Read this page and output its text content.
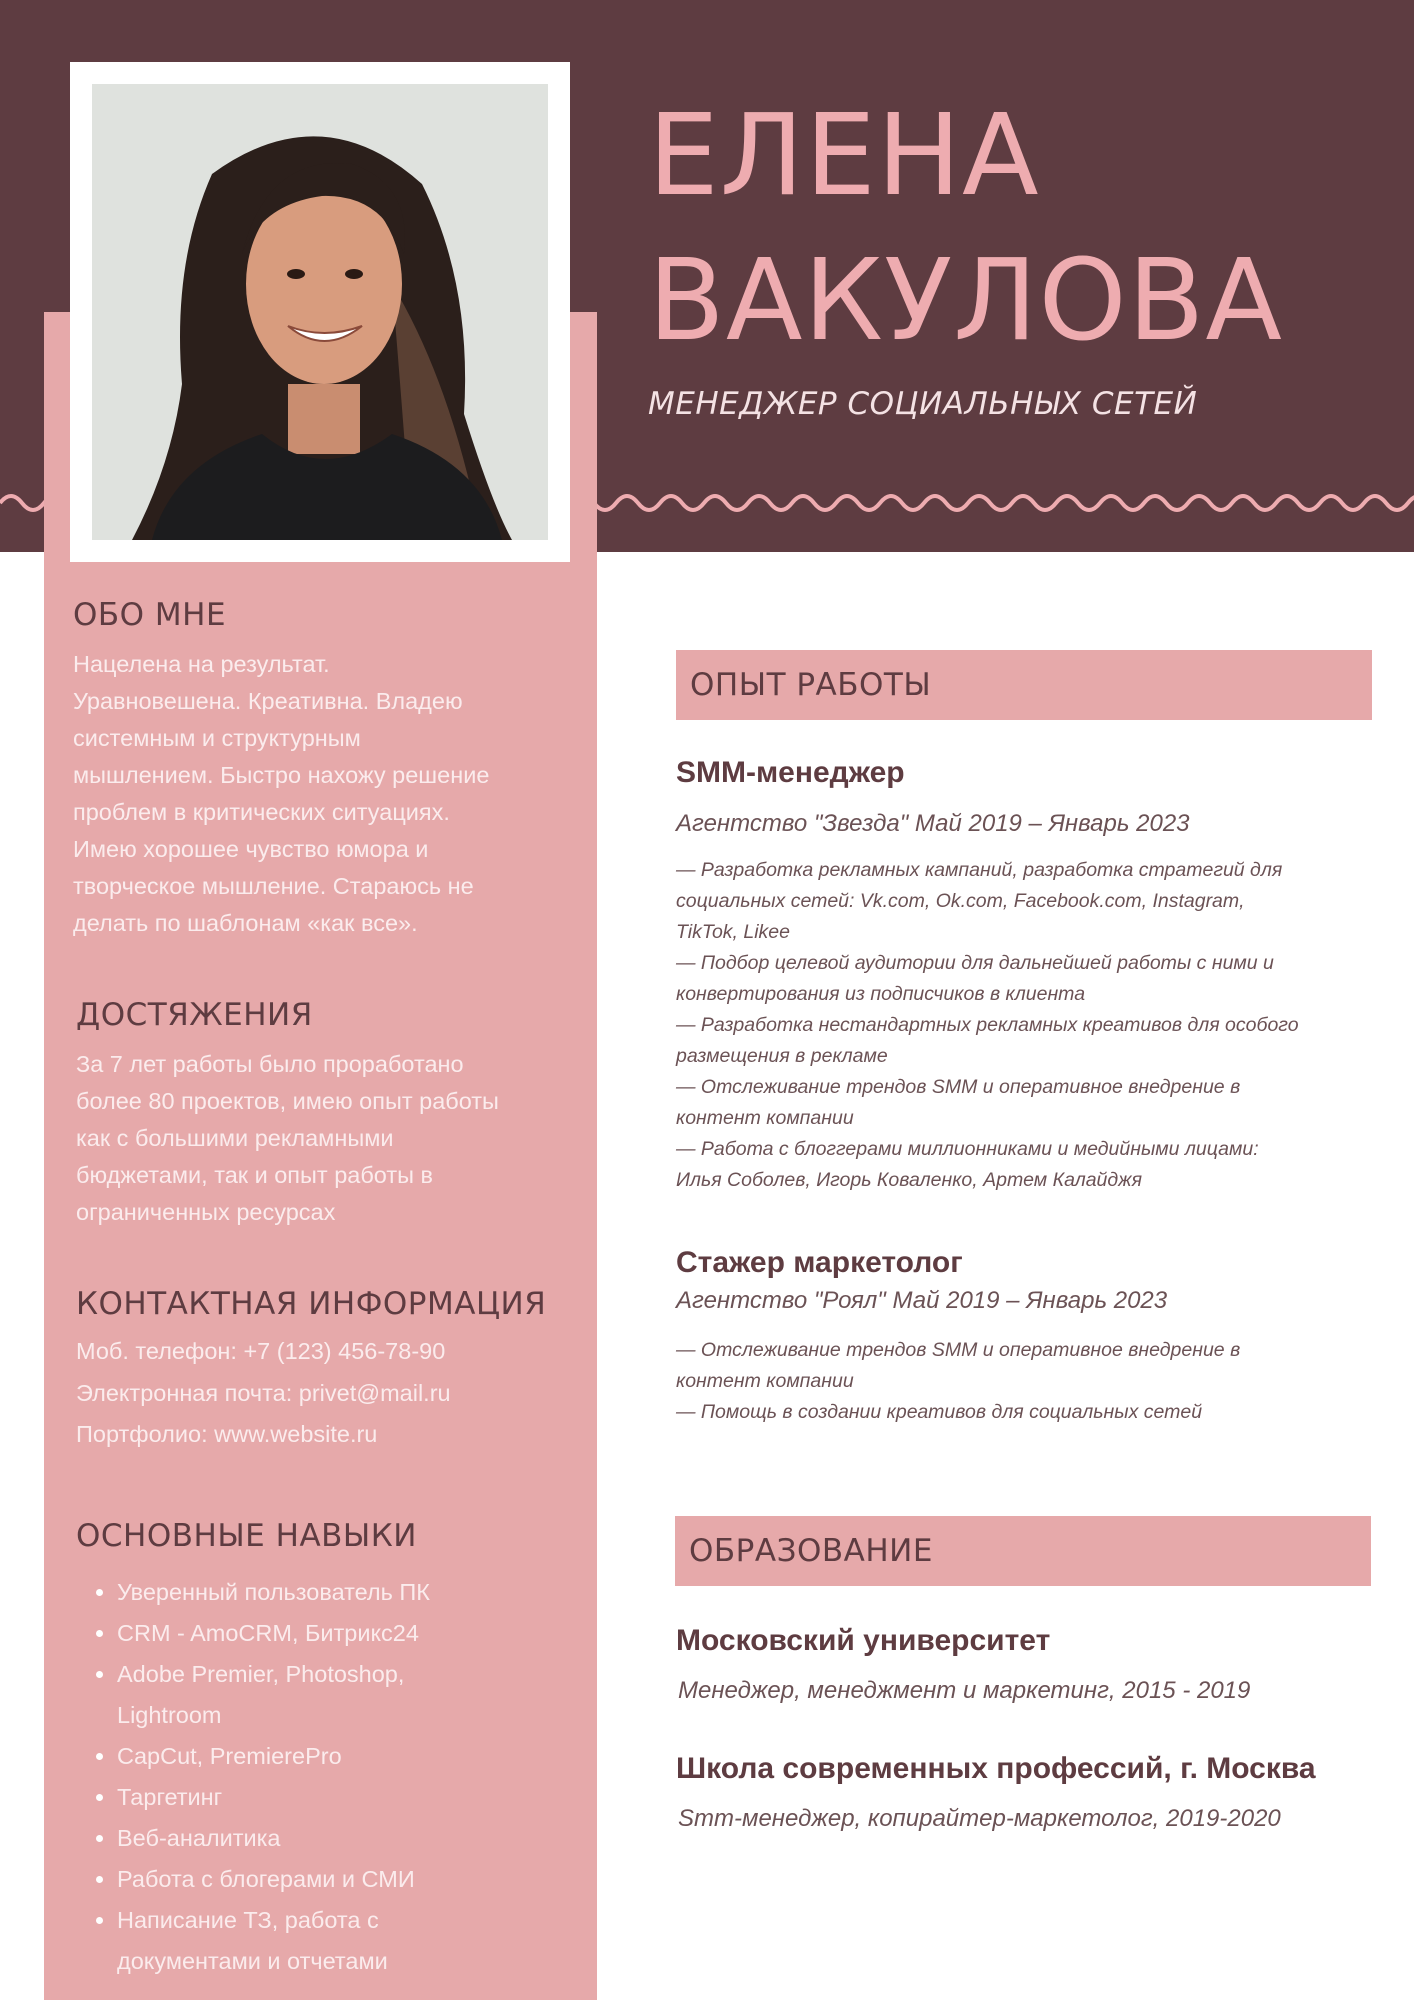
ЕЛЕНА
ВАКУЛОВА
МЕНЕДЖЕР СОЦИАЛЬНЫХ СЕТЕЙ
ОБО МНЕ
Нацелена на результат.
Уравновешена. Креативна. Владею
системным и структурным
мышлением. Быстро нахожу решение
проблем в критических ситуациях.
Имею хорошее чувство юмора и
творческое мышление. Стараюсь не
делать по шаблонам «как все».
ДОСТЯЖЕНИЯ
За 7 лет работы было проработано
более 80 проектов, имею опыт работы
как с большими рекламными
бюджетами, так и опыт работы в
ограниченных ресурсах
КОНТАКТНАЯ ИНФОРМАЦИЯ
Моб. телефон: +7 (123) 456-78-90
Электронная почта: privet@mail.ru
Портфолио: www.website.ru
ОСНОВНЫЕ НАВЫКИ
Уверенный пользователь ПК
CRM - AmoCRM, Битрикс24
Adobe Premier, Photoshop,
Lightroom
CapCut, PremierePro
Таргетинг
Веб-аналитика
Работа с блогерами и СМИ
Написание ТЗ, работа с
документами и отчетами
ОПЫТ РАБОТЫ
SMM-менеджер
Агентство "Звезда" Май 2019 – Январь 2023
— Разработка рекламных кампаний, разработка стратегий для
социальных сетей: Vk.com, Ok.com, Facebook.com, Instagram,
TikTok, Likee
— Подбор целевой аудитории для дальнейшей работы с ними и
конвертирования из подписчиков в клиента
— Разработка нестандартных рекламных креативов для особого
размещения в рекламе
— Отслеживание трендов SMM и оперативное внедрение в
контент компании
— Работа с блоггерами миллионниками и медийными лицами:
Илья Соболев, Игорь Коваленко, Артем Калайджя
Стажер маркетолог
Агентство "Роял" Май 2019 – Январь 2023
— Отслеживание трендов SMM и оперативное внедрение в
контент компании
— Помощь в создании креативов для социальных сетей
ОБРАЗОВАНИЕ
Московский университет
Менеджер, менеджмент и маркетинг, 2015 - 2019
Школа современных профессий, г. Москва
Smm-менеджер, копирайтер-маркетолог, 2019-2020
